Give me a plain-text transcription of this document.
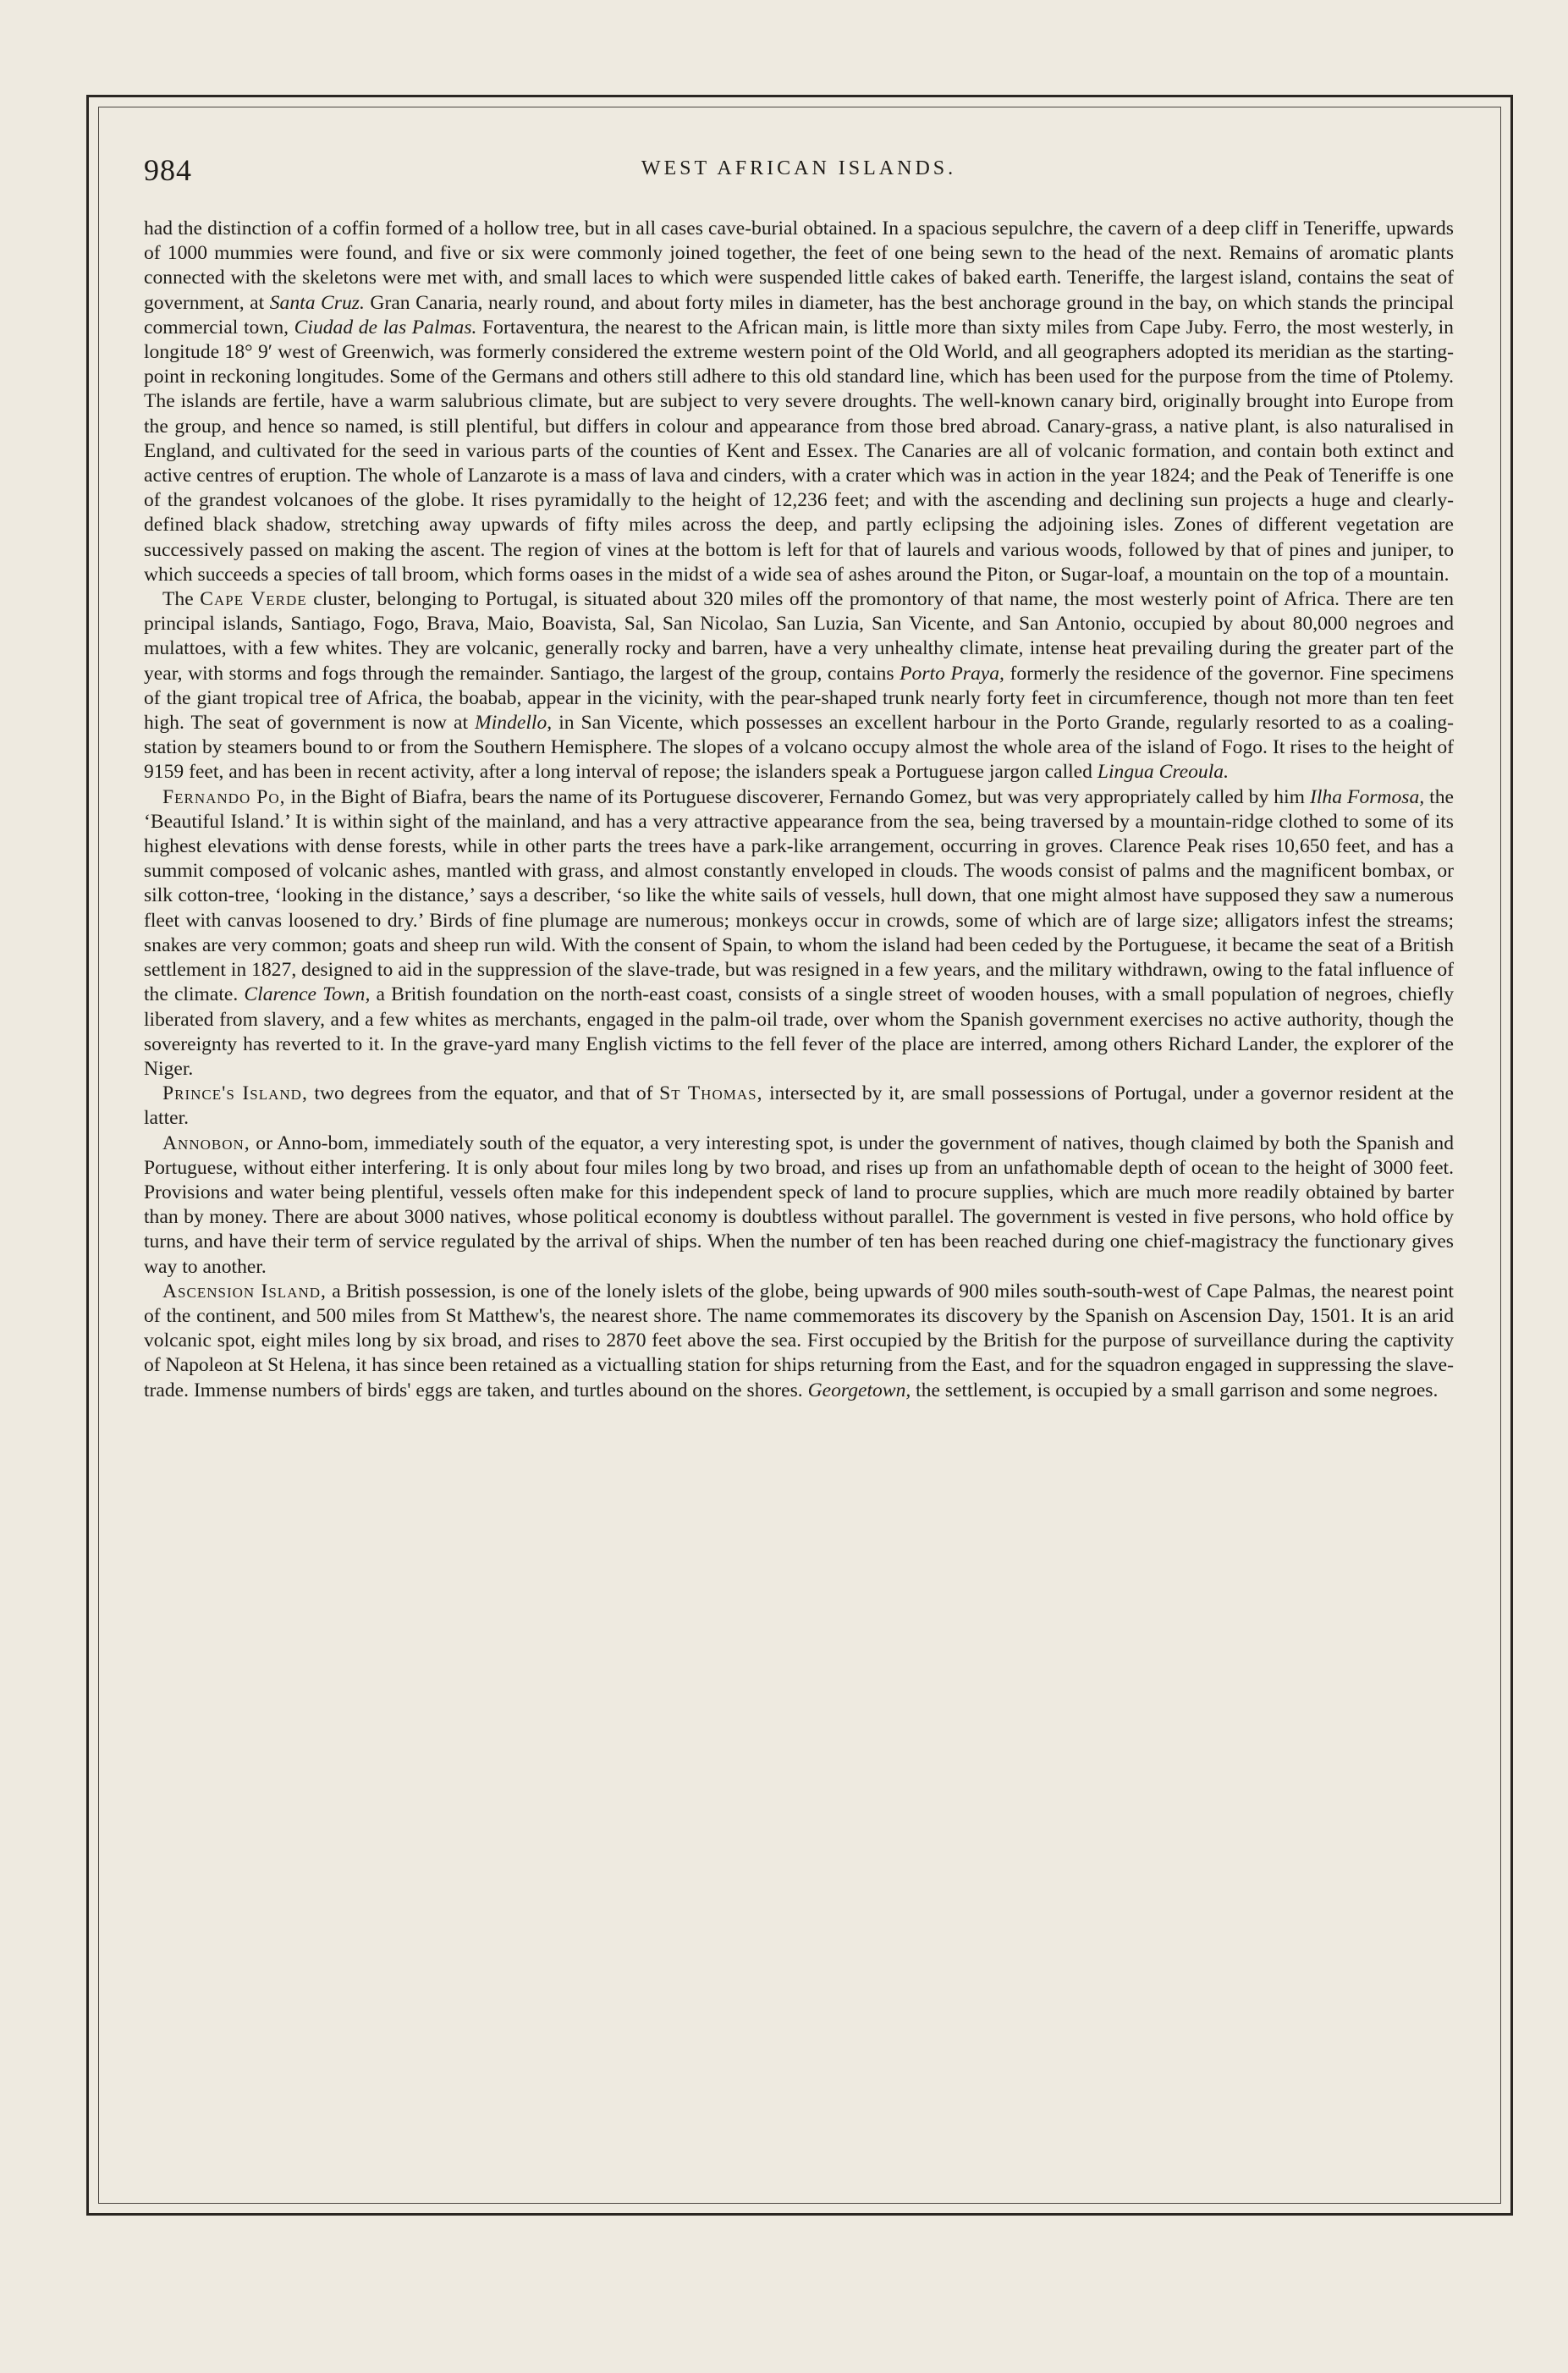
984	WEST AFRICAN ISLANDS.

had the distinction of a coffin formed of a hollow tree, but in all cases cave-burial obtained. In a spacious sepulchre, the cavern of a deep cliff in Teneriffe, upwards of 1000 mummies were found, and five or six were commonly joined together, the feet of one being sewn to the head of the next. Remains of aromatic plants connected with the skeletons were met with, and small laces to which were suspended little cakes of baked earth. Teneriffe, the largest island, contains the seat of government, at Santa Cruz. Gran Canaria, nearly round, and about forty miles in diameter, has the best anchorage ground in the bay, on which stands the principal commercial town, Ciudad de las Palmas. Fortaventura, the nearest to the African main, is little more than sixty miles from Cape Juby. Ferro, the most westerly, in longitude 18° 9′ west of Greenwich, was formerly considered the extreme western point of the Old World, and all geographers adopted its meridian as the starting-point in reckoning longitudes. Some of the Germans and others still adhere to this old standard line, which has been used for the purpose from the time of Ptolemy. The islands are fertile, have a warm salubrious climate, but are subject to very severe droughts. The well-known canary bird, originally brought into Europe from the group, and hence so named, is still plentiful, but differs in colour and appearance from those bred abroad. Canary-grass, a native plant, is also naturalised in England, and cultivated for the seed in various parts of the counties of Kent and Essex. The Canaries are all of volcanic formation, and contain both extinct and active centres of eruption. The whole of Lanzarote is a mass of lava and cinders, with a crater which was in action in the year 1824; and the Peak of Teneriffe is one of the grandest volcanoes of the globe. It rises pyramidally to the height of 12,236 feet; and with the ascending and declining sun projects a huge and clearly-defined black shadow, stretching away upwards of fifty miles across the deep, and partly eclipsing the adjoining isles. Zones of different vegetation are successively passed on making the ascent. The region of vines at the bottom is left for that of laurels and various woods, followed by that of pines and juniper, to which succeeds a species of tall broom, which forms oases in the midst of a wide sea of ashes around the Piton, or Sugar-loaf, a mountain on the top of a mountain.

The Cape Verde cluster, belonging to Portugal, is situated about 320 miles off the promontory of that name, the most westerly point of Africa. There are ten principal islands, Santiago, Fogo, Brava, Maio, Boavista, Sal, San Nicolao, San Luzia, San Vicente, and San Antonio, occupied by about 80,000 negroes and mulattoes, with a few whites. They are volcanic, generally rocky and barren, have a very unhealthy climate, intense heat prevailing during the greater part of the year, with storms and fogs through the remainder. Santiago, the largest of the group, contains Porto Praya, formerly the residence of the governor. Fine specimens of the giant tropical tree of Africa, the boabab, appear in the vicinity, with the pear-shaped trunk nearly forty feet in circumference, though not more than ten feet high. The seat of government is now at Mindello, in San Vicente, which possesses an excellent harbour in the Porto Grande, regularly resorted to as a coaling-station by steamers bound to or from the Southern Hemisphere. The slopes of a volcano occupy almost the whole area of the island of Fogo. It rises to the height of 9159 feet, and has been in recent activity, after a long interval of repose; the islanders speak a Portuguese jargon called Lingua Creoula.

Fernando Po, in the Bight of Biafra, bears the name of its Portuguese discoverer, Fernando Gomez, but was very appropriately called by him Ilha Formosa, the ‘Beautiful Island.’ It is within sight of the mainland, and has a very attractive appearance from the sea, being traversed by a mountain-ridge clothed to some of its highest elevations with dense forests, while in other parts the trees have a park-like arrangement, occurring in groves. Clarence Peak rises 10,650 feet, and has a summit composed of volcanic ashes, mantled with grass, and almost constantly enveloped in clouds. The woods consist of palms and the magnificent bombax, or silk cotton-tree, ‘looking in the distance,’ says a describer, ‘so like the white sails of vessels, hull down, that one might almost have supposed they saw a numerous fleet with canvas loosened to dry.’ Birds of fine plumage are numerous; monkeys occur in crowds, some of which are of large size; alligators infest the streams; snakes are very common; goats and sheep run wild. With the consent of Spain, to whom the island had been ceded by the Portuguese, it became the seat of a British settlement in 1827, designed to aid in the suppression of the slave-trade, but was resigned in a few years, and the military withdrawn, owing to the fatal influence of the climate. Clarence Town, a British foundation on the north-east coast, consists of a single street of wooden houses, with a small population of negroes, chiefly liberated from slavery, and a few whites as merchants, engaged in the palm-oil trade, over whom the Spanish government exercises no active authority, though the sovereignty has reverted to it. In the grave-yard many English victims to the fell fever of the place are interred, among others Richard Lander, the explorer of the Niger.

Prince's Island, two degrees from the equator, and that of St Thomas, intersected by it, are small possessions of Portugal, under a governor resident at the latter.

Annobon, or Anno-bom, immediately south of the equator, a very interesting spot, is under the government of natives, though claimed by both the Spanish and Portuguese, without either interfering. It is only about four miles long by two broad, and rises up from an unfathomable depth of ocean to the height of 3000 feet. Provisions and water being plentiful, vessels often make for this independent speck of land to procure supplies, which are much more readily obtained by barter than by money. There are about 3000 natives, whose political economy is doubtless without parallel. The government is vested in five persons, who hold office by turns, and have their term of service regulated by the arrival of ships. When the number of ten has been reached during one chief-magistracy the functionary gives way to another.

Ascension Island, a British possession, is one of the lonely islets of the globe, being upwards of 900 miles south-south-west of Cape Palmas, the nearest point of the continent, and 500 miles from St Matthew's, the nearest shore. The name commemorates its discovery by the Spanish on Ascension Day, 1501. It is an arid volcanic spot, eight miles long by six broad, and rises to 2870 feet above the sea. First occupied by the British for the purpose of surveillance during the captivity of Napoleon at St Helena, it has since been retained as a victualling station for ships returning from the East, and for the squadron engaged in suppressing the slave-trade. Immense numbers of birds' eggs are taken, and turtles abound on the shores. Georgetown, the settlement, is occupied by a small garrison and some negroes.
